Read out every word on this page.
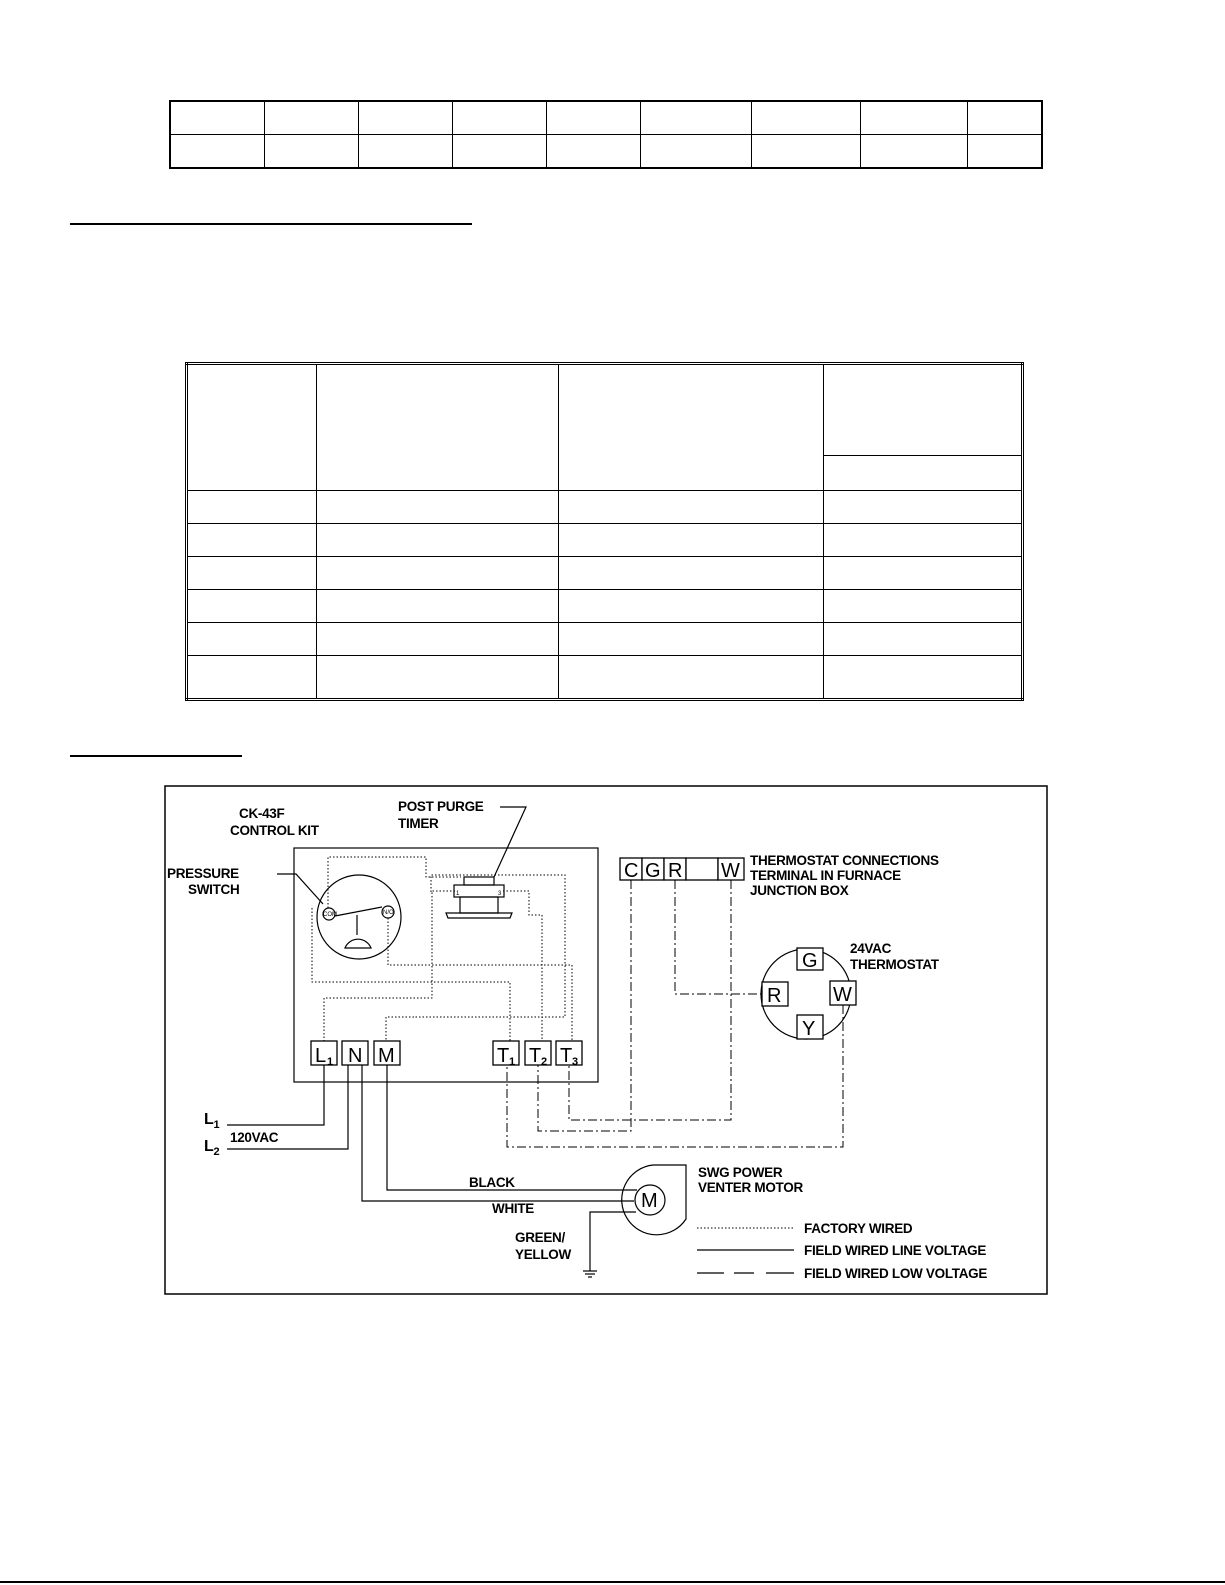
CK-43F
CONTROL KIT
POST PURGE
TIMER
1	3
PRESSURE
SWITCH
COM	N/O
L 1 N M	T 1 T 2 T 3
C G R W THERMOSTAT CONNECTIONS
TERMINAL IN FURNACE
JUNCTION BOX
24VAC
THERMOSTAT
G
R	W
Y
$L_1$
$L_2$
120VAC
BLACK
WHITE	M
SWG POWER
VENTER MOTOR
GREEN/
YELLOW
FACTORY WIRED
FIELD WIRED LINE VOLTAGE
FIELD WIRED LOW VOLTAGE
